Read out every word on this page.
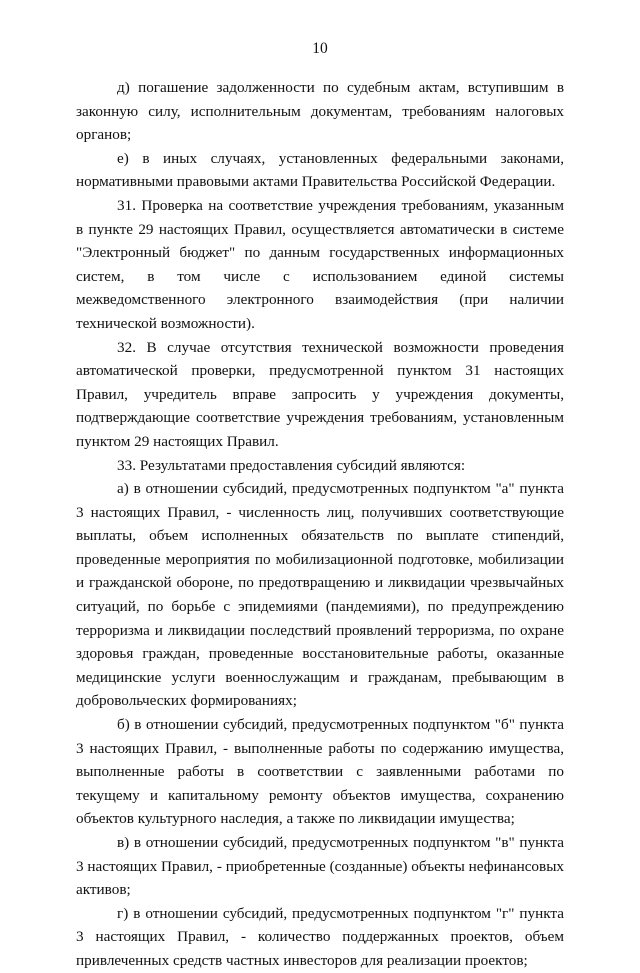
10

д) погашение задолженности по судебным актам, вступившим в законную силу, исполнительным документам, требованиям налоговых органов;

е) в иных случаях, установленных федеральными законами, нормативными правовыми актами Правительства Российской Федерации.

31. Проверка на соответствие учреждения требованиям, указанным в пункте 29 настоящих Правил, осуществляется автоматически в системе "Электронный бюджет" по данным государственных информационных систем, в том числе с использованием единой системы межведомственного электронного взаимодействия (при наличии технической возможности).

32. В случае отсутствия технической возможности проведения автоматической проверки, предусмотренной пунктом 31 настоящих Правил, учредитель вправе запросить у учреждения документы, подтверждающие соответствие учреждения требованиям, установленным пунктом 29 настоящих Правил.

33. Результатами предоставления субсидий являются:

а) в отношении субсидий, предусмотренных подпунктом "а" пункта 3 настоящих Правил, - численность лиц, получивших соответствующие выплаты, объем исполненных обязательств по выплате стипендий, проведенные мероприятия по мобилизационной подготовке, мобилизации и гражданской обороне, по предотвращению и ликвидации чрезвычайных ситуаций, по борьбе с эпидемиями (пандемиями), по предупреждению терроризма и ликвидации последствий проявлений терроризма, по охране здоровья граждан, проведенные восстановительные работы, оказанные медицинские услуги военнослужащим и гражданам, пребывающим в добровольческих формированиях;

б) в отношении субсидий, предусмотренных подпунктом "б" пункта 3 настоящих Правил, - выполненные работы по содержанию имущества, выполненные работы в соответствии с заявленными работами по текущему и капитальному ремонту объектов имущества, сохранению объектов культурного наследия, а также по ликвидации имущества;

в) в отношении субсидий, предусмотренных подпунктом "в" пункта 3 настоящих Правил, - приобретенные (созданные) объекты нефинансовых активов;

г) в отношении субсидий, предусмотренных подпунктом "г" пункта 3 настоящих Правил, - количество поддержанных проектов, объем привлеченных средств частных инвесторов для реализации проектов;
